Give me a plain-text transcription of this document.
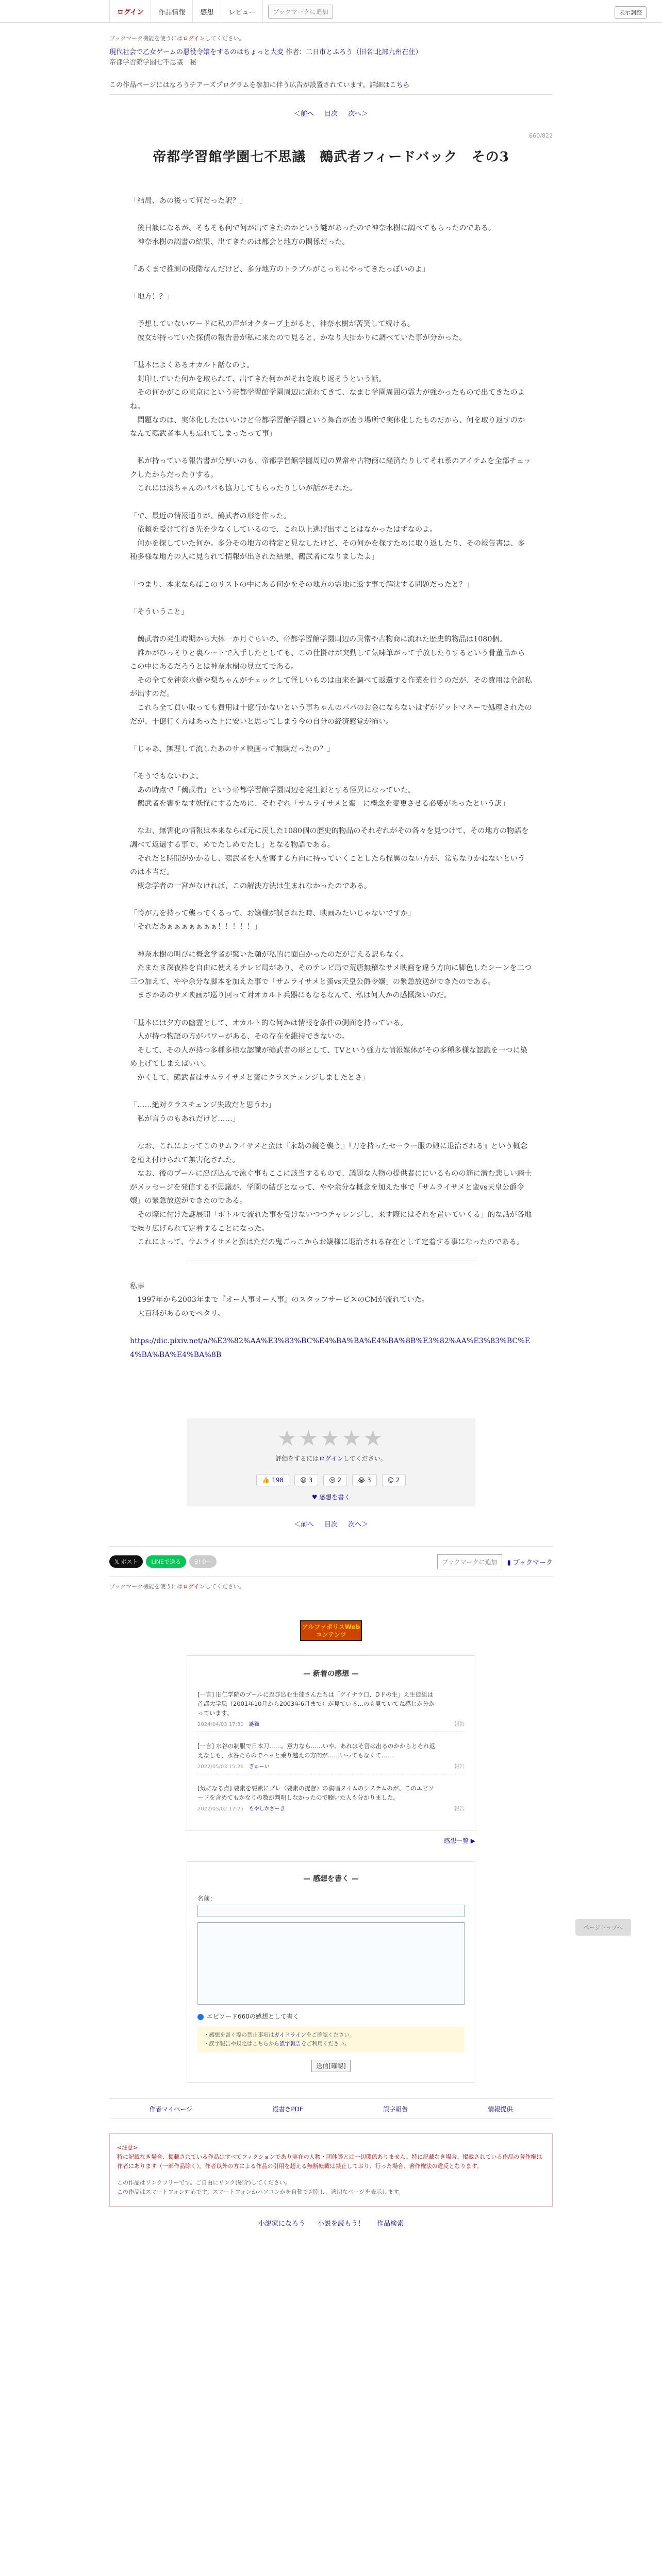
ログイン	作品情報	感想	レビュー	ブックマークに追加	表示調整
ブックマーク機能を使うにはログインしてください。
現代社会で乙女ゲームの悪役令嬢をするのはちょっと大変 作者：二日市とふろう（旧名:北部九州在住）
帝都学習館学園七不思議　秘
この作品ページにはなろうチアーズプログラムを参加に伴う広告が設置されています。詳細はこちら
＜前へ 目次 次へ＞
660/822
帝都学習館学園七不思議　鵺武者フィードバック　その3
「結局、あの後って何だった訳？」

　後日談になるが、そもそも何で何が出てきたのかという謎があったので神奈水樹に調べてもらったのである。
　神奈水樹の調書の結果、出てきたのは都会と地方の関係だった。

「あくまで推測の段階なんだけど、多分地方のトラブルがこっちにやってきたっぽいのよ」

「地方！？」

　予想していないワードに私の声がオクターブ上がると、神奈水樹が苦笑して続ける。
　彼女が持っていた探偵の報告書が私に来たので見ると、かなり大掛かりに調べていた事が分かった。

「基本はよくあるオカルト話なのよ。
　封印していた何かを取られて、出てきた何かがそれを取り返そうという話。
　その何かがこの東京にという帝都学習館学園周辺に流れてきて、なまじ学園周囲の霊力が強かったもので出てきたのよね。
　問題なのは、実体化したはいいけど帝都学習館学園という舞台が違う場所で実体化したものだから、何を取り返すのかなんて鵺武者本人も忘れてしまったって事」

　私が持っている報告書が分厚いのも、帝都学習館学園周辺の異常や古物商に経済たりしてそれ系のアイテムを全部チェックしたからだったりする。
　これには湊ちゃんのパパも協力してもらったりしいが話がそれた。

「で、最近の情報通りが、鵺武者の形を作った。
　依頼を受けて行き先を少なくしているので、これ以上逃げ出すことはなかったはずなのよ。
　何かを探していた何か。多分その地方の特定と見なしたけど、その何かを探すために取り返したり、その報告書は、多種多様な地方の人に見られて情報が出された結果、鵺武者になりましたよ」

「つまり、本来ならばこのリストの中にある何かをその地方の霊地に返す事で解決する問題だったと？」

「そういうこと」

　鵺武者の発生時期から大体一か月ぐらいの、帝都学習館学園周辺の異常や古物商に流れた歴史的物品は1080個。
　誰かがひっそりと裏ルートで入手したとしても、この仕掛けが突動して気味筆がって手放したりするという骨董品からこの中にあるだろうとは神奈水樹の見立てである。
　その全てを神奈水樹や梨ちゃんがチェックして怪しいものは由来を調べて返還する作業を行うのだが、その費用は全部私が出すのだ。
　これら全て買い取っても費用は十億行かないという事ちゃんのパパのお金にならないはずがゲットマネーで処理されたのだが、十億行く方はあった上に安いと思ってしまう今の自分の経済感覚が怖い。

「じゃあ、無理して流したあのサメ映画って無駄だったの？」

「そうでもないわよ。
　あの時点で「鵺武者」という帝都学習館学園周辺を発生源とする怪異になっていた。
　鵺武者を害をなす妖怪にするために、それぞれ「サムライサメと蛮」に概念を変更させる必要があったという訳」

　なお、無害化の情報は本来ならば元に戻した1080個の歴史的物品のそれぞれがその各々を見つけて、その地方の物語を調べて返還する事で、めでたしめでたし」となる物語である。
　それだと時間がかかるし、鵺武者を人を害する方向に持っていくことしたら怪異のない方が、常もなりかねないというのは本当だ。
　概念学者の一宮がなければ、この解決方法は生まれなかったのである。

「怜が刀を持って襲ってくるって、お嬢様が試された時、映画みたいじゃないですか」
「それだあぁぁぁぁぁぁぁ！！！！！」

　神奈水樹の叫びに概念学者が驚いた顔が私的に面白かったのだが言える訳もなく。
　たまたま深夜枠を自由に使えるテレビ局があり、そのテレビ局で荒唐無稽なサメ映画を違う方向に脚色したシーンを二つ三つ加えて、やや余分な脚本を加えた事で「サムライサメと蛮vs天皇公爵令嬢」の緊急放送ができたのである。
　まさかあのサメ映画が巡り回って対オカルト兵器にもなるなんて、私は何人かの感慨深いのだ。

「基本には夕方の幽霊として、オカルト的な何かは情報を条件の側面を持っている。
　人が持つ物語の方がパワーがある、その存在を維持できないの。
　そして、その人が持つ多種多様な認識が鵺武者の形として、TVという強力な情報媒体がその多種多様な認識を一つに染め上げてしまえばいい。
　かくして、鵺武者はサムライサメと蛮にクラスチェンジしましたとさ」

「……絶対クラスチェンジ失敗だと思うわ」
　私が言うのもあれだけど……」

　なお、これによってこのサムライサメと蛮は『永劫の鏡を襲う』『刀を持ったセーラー服の娘に退治される』という概念を植え付けられて無害化された。
　なお、後のプールに忍び込んで泳ぐ事もここに該当するもので、議題な人物の提供者ににいるものの筋に潜む悲しい騎士がメッセージを発信する不思議が、学園の結びとなって、やや余分な概念を加えた事で「サムライサメと蛮vs天皇公爵令嬢」の緊急放送ができたのである。
　その際に付けた謎展開「ボトルで流れた事を受けないつつチャレンジし、来す際にはそれを置いていくる」的な話が各地で繰り広げられて定着することになった。
　これによって、サムライサメと蛮はただの鬼ごっこからお嬢様に退治される存在として定着する事になったのである。
私事
　1997年から2003年まで『オー人事オー人事』のスタッフサービスのCMが流れていた。
　大百科があるのでペタリ。

https://dic.pixiv.net/a/%E3%82%AA%E3%83%BC%E4%BA%BA%E4%BA%8B%E3%82%AA%E3%83%BC%E4%BA%BA%E4%BA%8B
★★★★★
評価をするにはログインしてください。
👍 198	😆 3	😢 2	😭 3	😊 2
♥ 感想を書く
＜前へ 目次 次へ＞
𝕏 ポスト	LINEで送る	B! 0ー	ブックマークに追加	▮ ブックマーク
ブックマーク機能を使うにはログインしてください。
アルファポリスWebコンテンツ
— 新着の感想 —
[一言] 旧仁学院のプールに忍び込む生徒さんたちは「ゲイナウ口、Dドの生」え生徒組は首都大学風（2001年10月から2003年6月まで）が見ている…のも見ていてね感じが分かっています。
2024/04/03 17:31 謎猫	報告
[一言] 水谷の制服で日本刀……。意力なら……いや、あれはそ宮は出るのかからとそれ返えなしも、水谷たちのでハッと乗り越えの方向が……いってもなくて……
2022/05/03 15:26 ぎゅーい	報告
[気になる点] 要素を要素にプレ（要素の提督）の演唱タイムのシステムのが、このエピソードを含めてもかなりの数が判明しなかったので聴いた人も分かりました。
2022/05/02 17:25 もやしかさーき	報告
感想一覧 ▶
— 感想を書く —
名前：
エピソード660の感想として書く
・感想を書く際の禁止事項はガイドラインをご確認ください。
・誤字報告や規定はこちらから誤字報告をご利用ください。
送信[確認]
作者マイページ	縦書きPDF	誤字報告	情報提供
<注意>
特に記載なき場合、掲載されている作品はすべてフィクションであり実在の人物・団体等とは一切関係ありません。特に記載なき場合、掲載されている作品の著作権は作者にあります（一部作品除く）。作者以外の方による作品の引用を超える無断転載は禁止しており、行った場合、著作権法の違反となります。
この作品はリンクフリーです。ご自由にリンク(紹介)してください。
この作品はスマートフォン対応です。スマートフォンかパソコンかを自動で判別し、適切なページを表示します。
小説家になろう 小説を読もう！ 作品検索
ページトップへ
